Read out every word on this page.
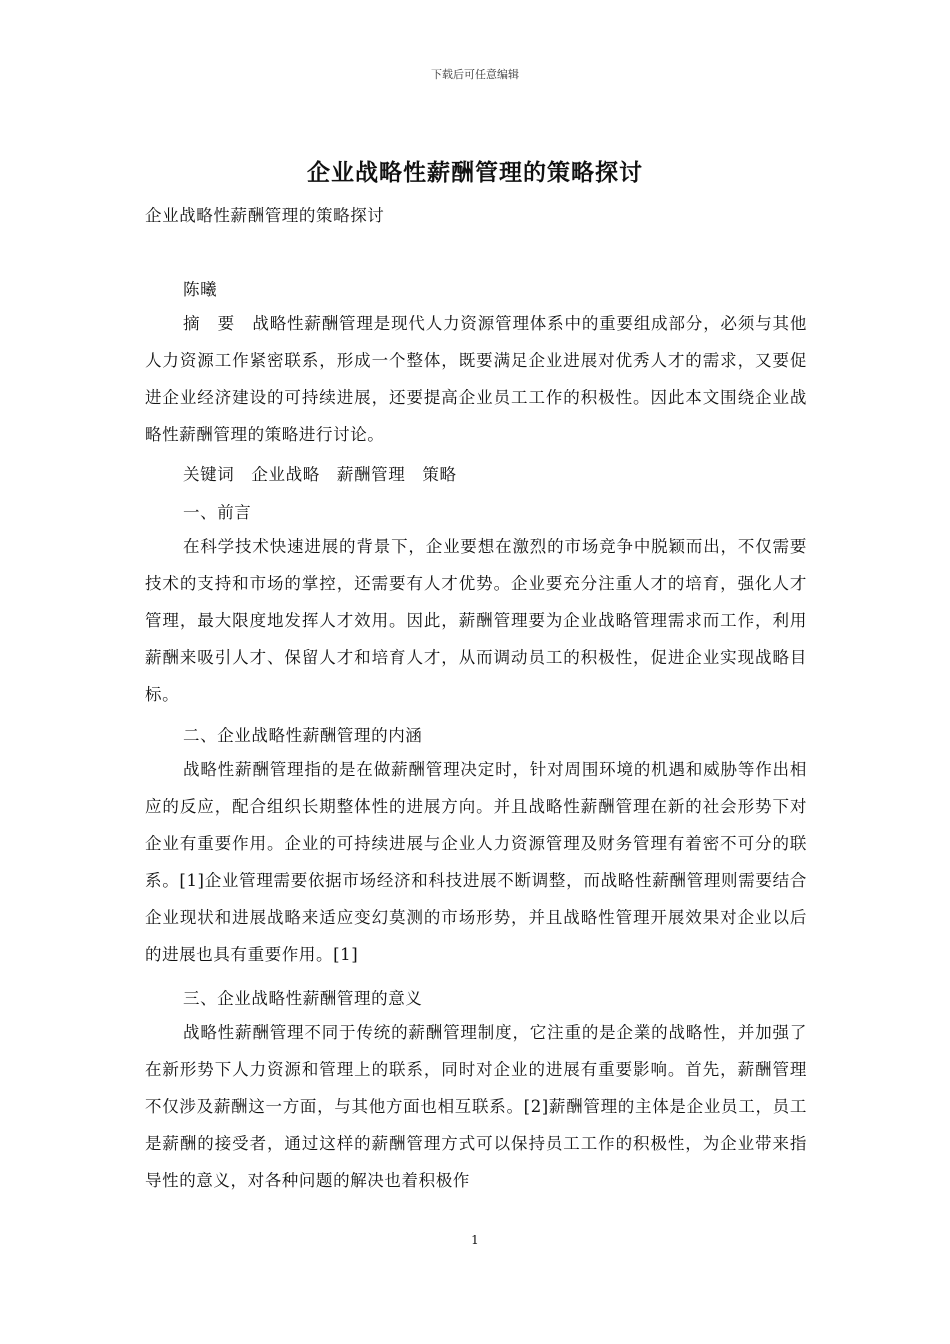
下载后可任意编辑
企业战略性薪酬管理的策略探讨

企业战略性薪酬管理的策略探讨

陈曦

摘　要　战略性薪酬管理是现代人力资源管理体系中的重要组成部分，必须与其他人力资源工作紧密联系，形成一个整体，既要满足企业进展对优秀人才的需求，又要促进企业经济建设的可持续进展，还要提高企业员工工作的积极性。因此本文围绕企业战略性薪酬管理的策略进行讨论。

关键词　企业战略　薪酬管理　策略

一、前言

在科学技术快速进展的背景下，企业要想在激烈的市场竞争中脱颖而出，不仅需要技术的支持和市场的掌控，还需要有人才优势。企业要充分注重人才的培育，强化人才管理，最大限度地发挥人才效用。因此，薪酬管理要为企业战略管理需求而工作，利用薪酬来吸引人才、保留人才和培育人才，从而调动员工的积极性，促进企业实现战略目标。

二、企业战略性薪酬管理的内涵

战略性薪酬管理指的是在做薪酬管理决定时，针对周围环境的机遇和威胁等作出相应的反应，配合组织长期整体性的进展方向。并且战略性薪酬管理在新的社会形势下对企业有重要作用。企业的可持续进展与企业人力资源管理及财务管理有着密不可分的联系。[1]企业管理需要依据市场经济和科技进展不断调整，而战略性薪酬管理则需要结合企业现状和进展战略来适应变幻莫测的市场形势，并且战略性管理开展效果对企业以后的进展也具有重要作用。[1]

三、企业战略性薪酬管理的意义

战略性薪酬管理不同于传统的薪酬管理制度，它注重的是企業的战略性，并加强了在新形势下人力资源和管理上的联系，同时对企业的进展有重要影响。首先，薪酬管理不仅涉及薪酬这一方面，与其他方面也相互联系。[2]薪酬管理的主体是企业员工，员工是薪酬的接受者，通过这样的薪酬管理方式可以保持员工工作的积极性，为企业带来指导性的意义，对各种问题的解决也着积极作

1
